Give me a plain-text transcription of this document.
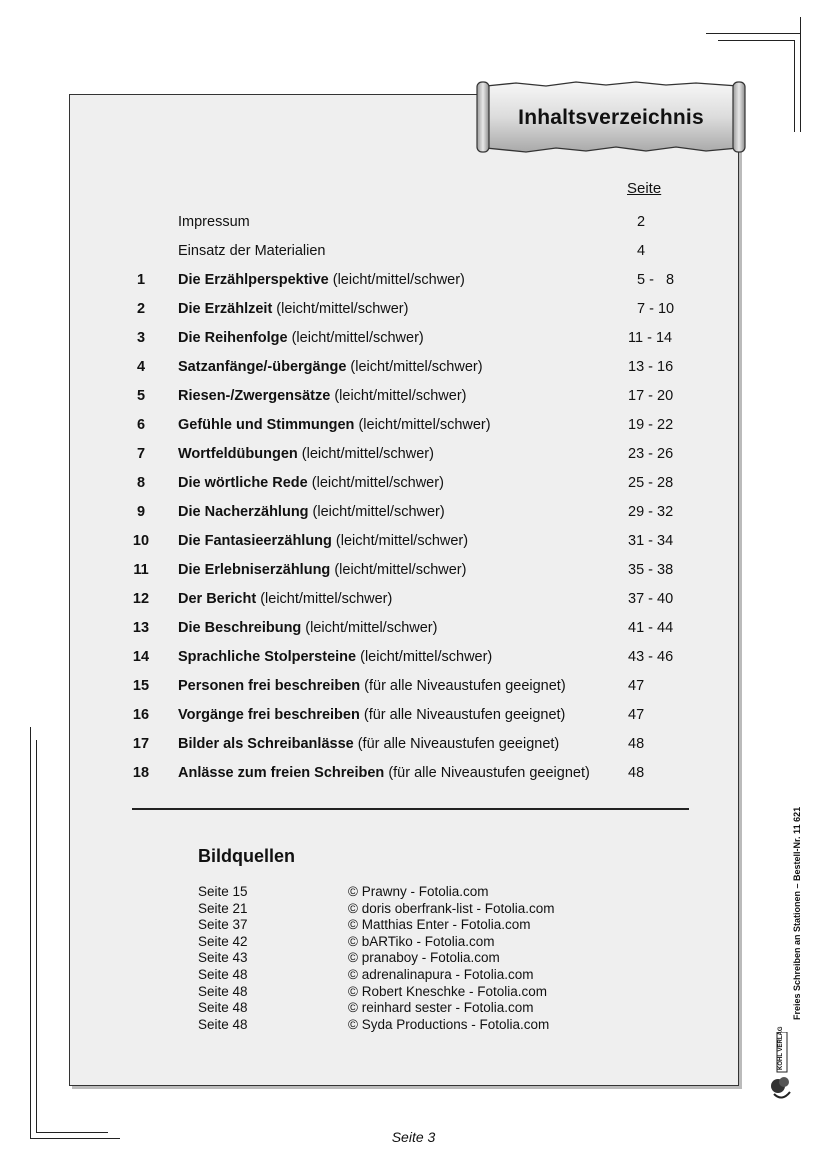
Inhaltsverzeichnis
Seite
Impressum	2
Einsatz der Materialien	4
1	Die Erzählperspektive (leicht/mittel/schwer)	5 -   8
2	Die Erzählzeit (leicht/mittel/schwer)	7 - 10
3	Die Reihenfolge (leicht/mittel/schwer)	11 - 14
4	Satzanfänge/-übergänge (leicht/mittel/schwer)	13 - 16
5	Riesen-/Zwergensätze (leicht/mittel/schwer)	17 - 20
6	Gefühle und Stimmungen (leicht/mittel/schwer)	19 - 22
7	Wortfeldübungen (leicht/mittel/schwer)	23 - 26
8	Die wörtliche Rede (leicht/mittel/schwer)	25 - 28
9	Die Nacherzählung (leicht/mittel/schwer)	29 - 32
10	Die Fantasieerzählung (leicht/mittel/schwer)	31 - 34
11	Die Erlebniserzählung (leicht/mittel/schwer)	35 - 38
12	Der Bericht (leicht/mittel/schwer)	37 - 40
13	Die Beschreibung (leicht/mittel/schwer)	41 - 44
14	Sprachliche Stolpersteine (leicht/mittel/schwer)	43 - 46
15	Personen frei beschreiben (für alle Niveaustufen geeignet)	47
16	Vorgänge frei beschreiben (für alle Niveaustufen geeignet)	47
17	Bilder als Schreibanlässe (für alle Niveaustufen geeignet)	48
18	Anlässe zum freien Schreiben (für alle Niveaustufen geeignet)	48
Bildquellen
Seite 15	© Prawny - Fotolia.com
Seite 21	© doris oberfrank-list - Fotolia.com
Seite 37	© Matthias Enter - Fotolia.com
Seite 42	© bARTiko - Fotolia.com
Seite 43	© pranaboy - Fotolia.com
Seite 48	© adrenalinapura - Fotolia.com
Seite 48	© Robert Kneschke - Fotolia.com
Seite 48	© reinhard sester - Fotolia.com
Seite 48	© Syda Productions - Fotolia.com
Freies Schreiben an Stationen – Bestell-Nr. 11 621
KOHL VERLAG
Seite 3
